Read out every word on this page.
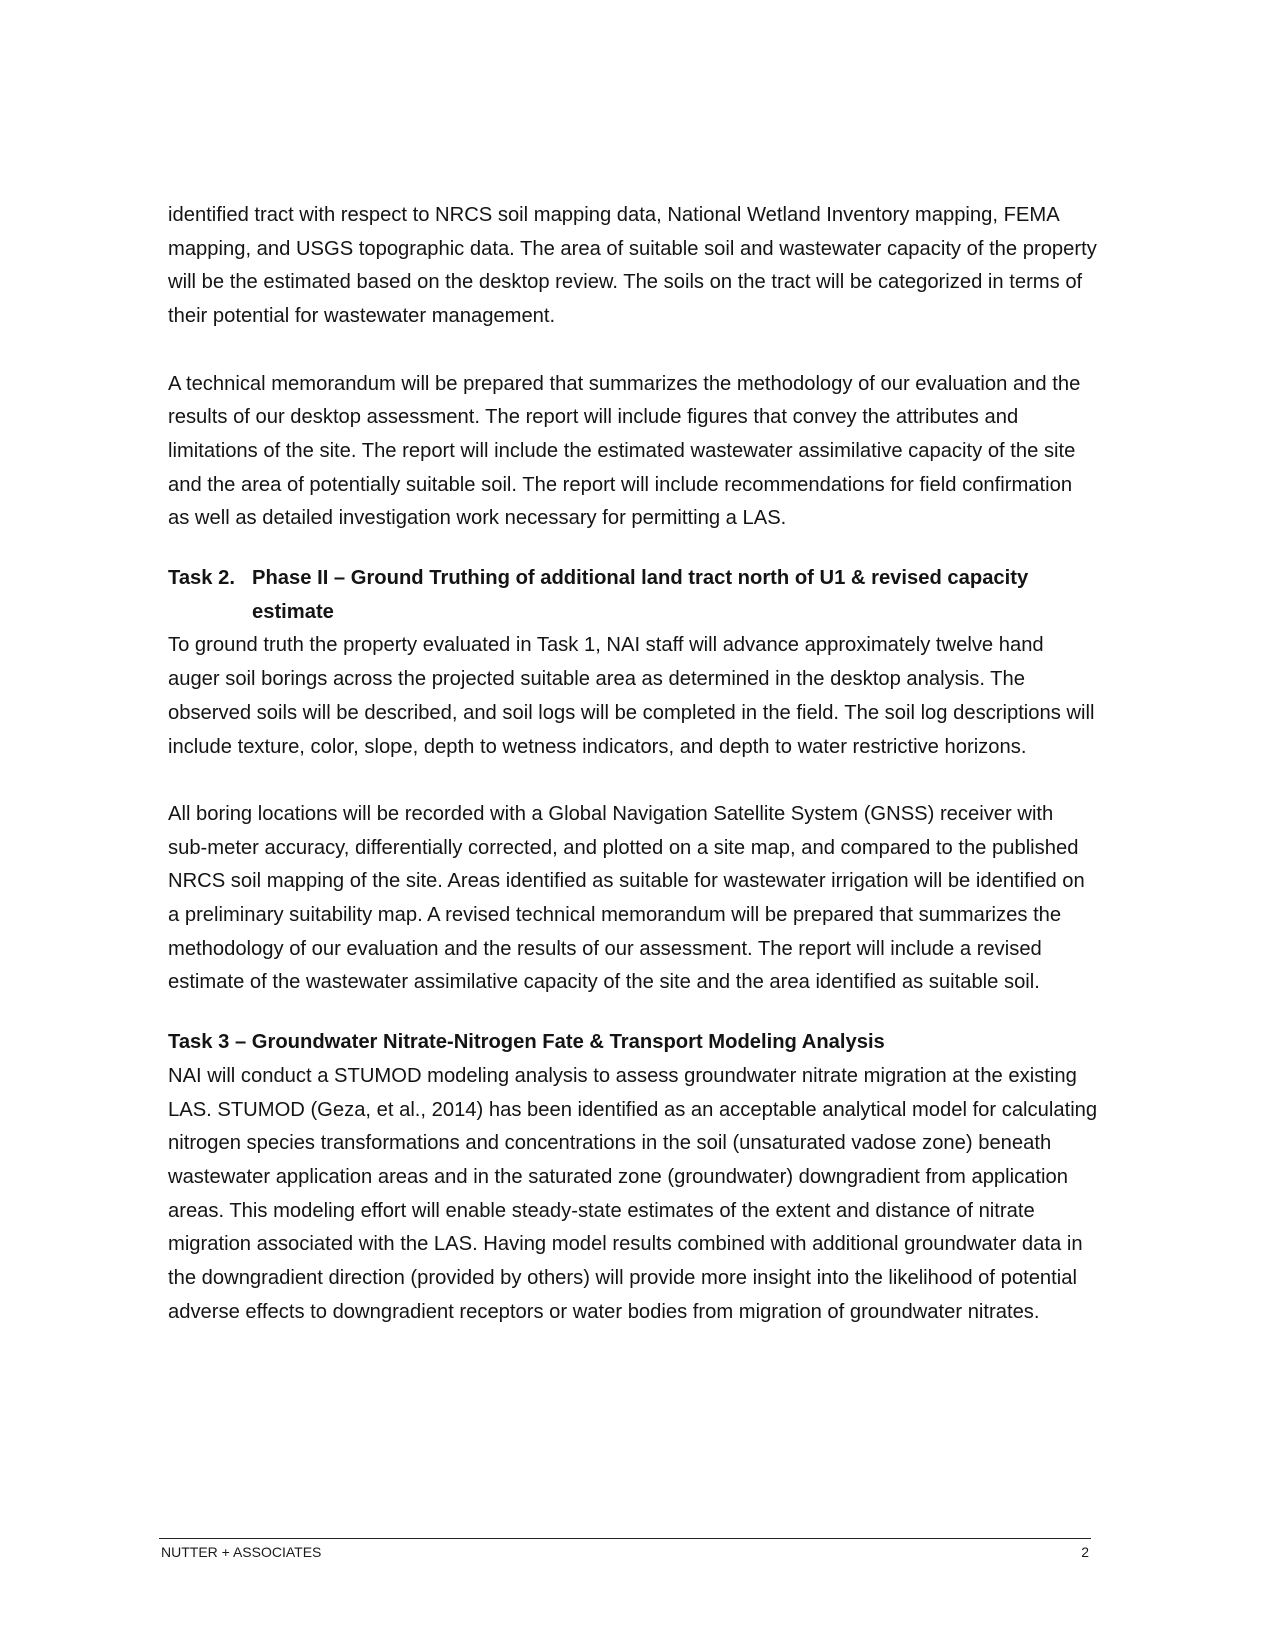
identified tract with respect to NRCS soil mapping data, National Wetland Inventory mapping, FEMA mapping, and USGS topographic data. The area of suitable soil and wastewater capacity of the property will be the estimated based on the desktop review. The soils on the tract will be categorized in terms of their potential for wastewater management.

A technical memorandum will be prepared that summarizes the methodology of our evaluation and the results of our desktop assessment. The report will include figures that convey the attributes and limitations of the site. The report will include the estimated wastewater assimilative capacity of the site and the area of potentially suitable soil. The report will include recommendations for field confirmation as well as detailed investigation work necessary for permitting a LAS.

Task 2. Phase II – Ground Truthing of additional land tract north of U1 & revised capacity estimate

To ground truth the property evaluated in Task 1, NAI staff will advance approximately twelve hand auger soil borings across the projected suitable area as determined in the desktop analysis. The observed soils will be described, and soil logs will be completed in the field. The soil log descriptions will include texture, color, slope, depth to wetness indicators, and depth to water restrictive horizons.

All boring locations will be recorded with a Global Navigation Satellite System (GNSS) receiver with sub-meter accuracy, differentially corrected, and plotted on a site map, and compared to the published NRCS soil mapping of the site. Areas identified as suitable for wastewater irrigation will be identified on a preliminary suitability map. A revised technical memorandum will be prepared that summarizes the methodology of our evaluation and the results of our assessment. The report will include a revised estimate of the wastewater assimilative capacity of the site and the area identified as suitable soil.

Task 3 – Groundwater Nitrate-Nitrogen Fate & Transport Modeling Analysis

NAI will conduct a STUMOD modeling analysis to assess groundwater nitrate migration at the existing LAS. STUMOD (Geza, et al., 2014) has been identified as an acceptable analytical model for calculating nitrogen species transformations and concentrations in the soil (unsaturated vadose zone) beneath wastewater application areas and in the saturated zone (groundwater) downgradient from application areas. This modeling effort will enable steady-state estimates of the extent and distance of nitrate migration associated with the LAS. Having model results combined with additional groundwater data in the downgradient direction (provided by others) will provide more insight into the likelihood of potential adverse effects to downgradient receptors or water bodies from migration of groundwater nitrates.

NUTTER + ASSOCIATES	2
